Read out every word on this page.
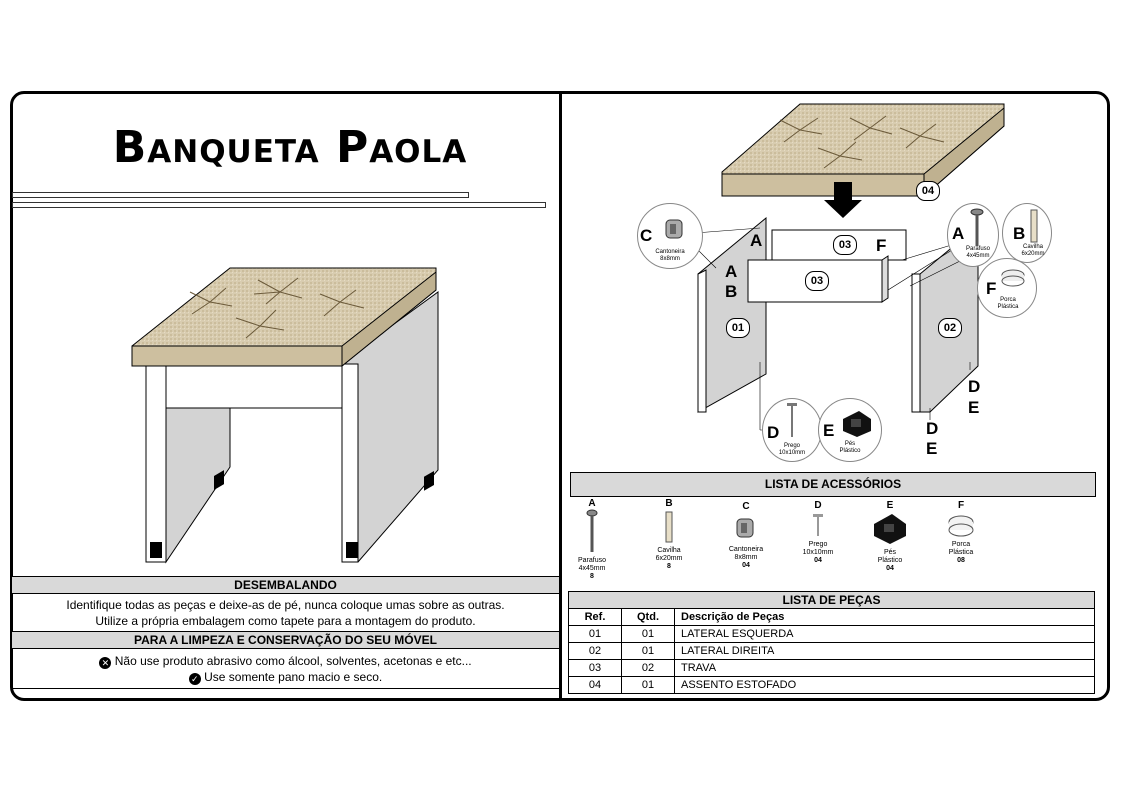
Banqueta Paola
DESEMBALANDO
Identifique todas as peças e deixe-as de pé, nunca coloque umas sobre as outras.
Utilize a própria embalagem como tapete para a montagem do produto.
PARA A LIMPEZA E CONSERVAÇÃO DO SEU MÓVEL
✕ Não use produto abrasivo como álcool, solventes, acetonas e etc...
✓ Use somente pano macio e seco.
04
03
03
01	02
A
A
B
F
D
E
D
E
C
Cantoneira
8x8mm
A
Parafuso
4x45mm
B
Cavilha
6x20mm
F
Porca
Plástica
D
Prego
10x10mm
E
Pés
Plástico
LISTA DE ACESSÓRIOS
A
Parafuso
4x45mm
8
B
Cavilha
6x20mm
8
C
Cantoneira
8x8mm
04
D
Prego
10x10mm
04
E
Pés
Plástico
04
F
Porca
Plástica
08
LISTA DE PEÇAS
Ref.	Qtd.	Descrição de Peças
01	01	LATERAL ESQUERDA
02	01	LATERAL DIREITA
03	02	TRAVA
04	01	ASSENTO ESTOFADO
